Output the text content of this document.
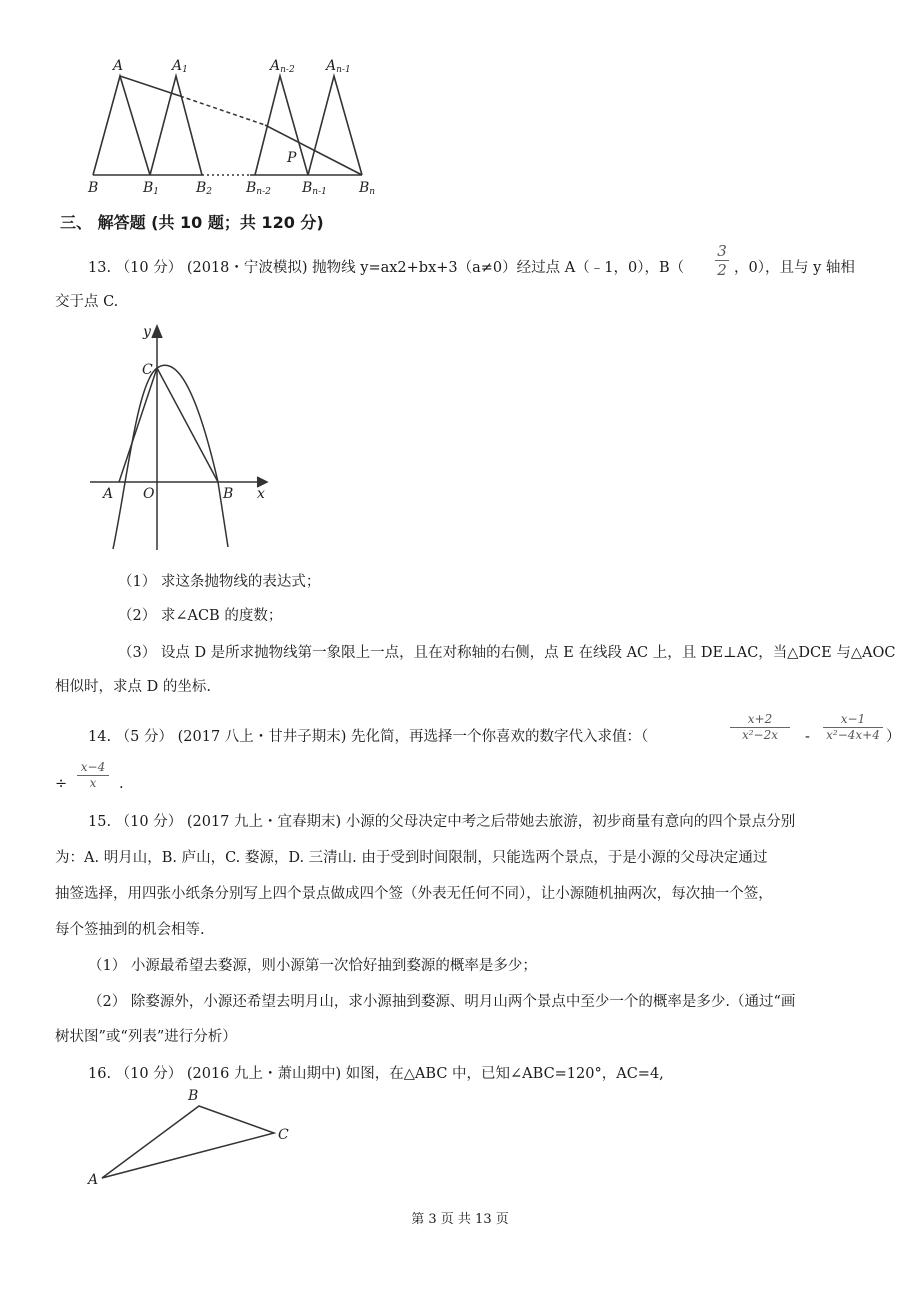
A	A1	An-2 An-1
B	B1	B2 Bn-2 Bn-1 Bn
P
三、 解答题 (共 10 题；共 120 分)
13. （10 分） (2018・宁波模拟) 抛物线 y=ax2+bx+3（a≠0）经过点 A（﹣1，0），B（
3
2 ，0），且与 y 轴相
交于点 C.
y
x
C
A O	B
（1） 求这条抛物线的表达式；
（2） 求∠ACB 的度数；
（3） 设点 D 是所求抛物线第一象限上一点，且在对称轴的右侧，点 E 在线段 AC 上，且 DE⊥AC，当△DCE 与△AOC
相似时，求点 D 的坐标.
14. （5 分） (2017 八上・甘井子期末) 先化简，再选择一个你喜欢的数字代入求值：（
x+2
x²−2x	-
x−1
x²−4x+4 ）
÷
x−4
x	.
15. （10 分） (2017 九上・宜春期末) 小源的父母决定中考之后带她去旅游，初步商量有意向的四个景点分别
为：A. 明月山，B. 庐山，C. 婺源，D. 三清山. 由于受到时间限制，只能选两个景点，于是小源的父母决定通过
抽签选择，用四张小纸条分别写上四个景点做成四个签（外表无任何不同），让小源随机抽两次，每次抽一个签，
每个签抽到的机会相等.
（1） 小源最希望去婺源，则小源第一次恰好抽到婺源的概率是多少；
（2） 除婺源外，小源还希望去明月山，求小源抽到婺源、明月山两个景点中至少一个的概率是多少.（通过“画
树状图”或“列表”进行分析）
16. （10 分） (2016 九上・萧山期中) 如图，在△ABC 中，已知∠ABC=120°，AC=4,
A
B
C
第 3 页 共 13 页
